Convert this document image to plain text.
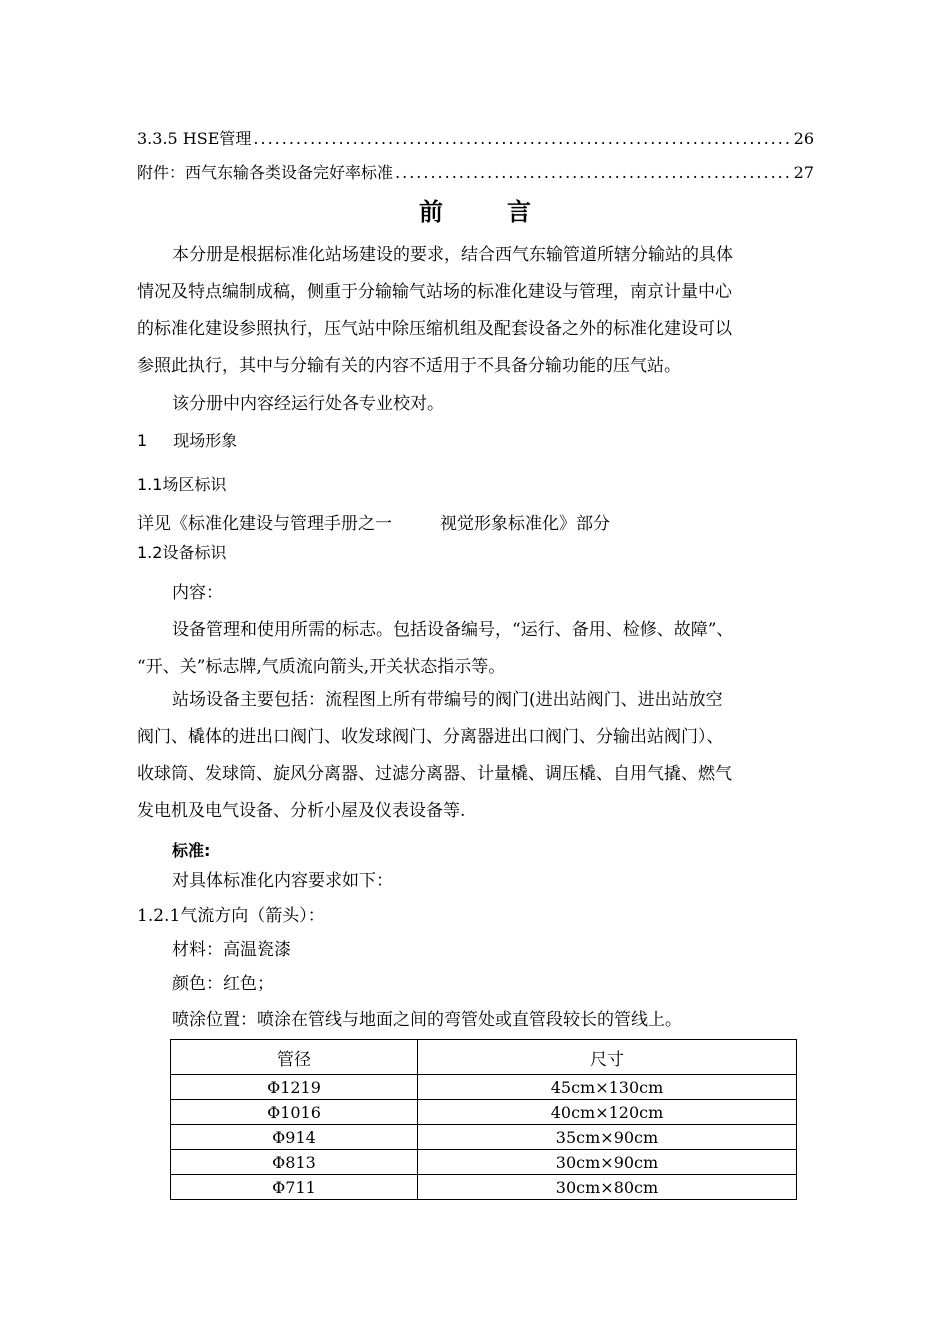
3.3.5 HSE管理 .....	26
附件：西气东输各类设备完好率标准 .....	27
前言
本分册是根据标准化站场建设的要求，结合西气东输管道所辖分输站的具体
情况及特点编制成稿，侧重于分输输气站场的标准化建设与管理，南京计量中心
的标准化建设参照执行，压气站中除压缩机组及配套设备之外的标准化建设可以
参照此执行，其中与分输有关的内容不适用于不具备分输功能的压气站。
该分册中内容经运行处各专业校对。
1 现场形象
1.1场区标识
详见《标准化建设与管理手册之一	视觉形象标准化》部分
1.2设备标识
内容：
设备管理和使用所需的标志。包括设备编号，“运行、备用、检修、故障”、
“开、关”标志牌,气质流向箭头,开关状态指示等。
站场设备主要包括：流程图上所有带编号的阀门(进出站阀门、进出站放空
阀门、橇体的进出口阀门、收发球阀门、分离器进出口阀门、分输出站阀门）、
收球筒、发球筒、旋风分离器、过滤分离器、计量橇、调压橇、自用气撬、燃气
发电机及电气设备、分析小屋及仪表设备等.
标准:
对具体标准化内容要求如下：
1.2.1气流方向（箭头）：
材料：高温瓷漆
颜色：红色；
喷涂位置：喷涂在管线与地面之间的弯管处或直管段较长的管线上。
管径	尺寸
Φ1219	45cm×130cm
Φ1016	40cm×120cm
Φ914	35cm×90cm
Φ813	30cm×90cm
Φ711	30cm×80cm
